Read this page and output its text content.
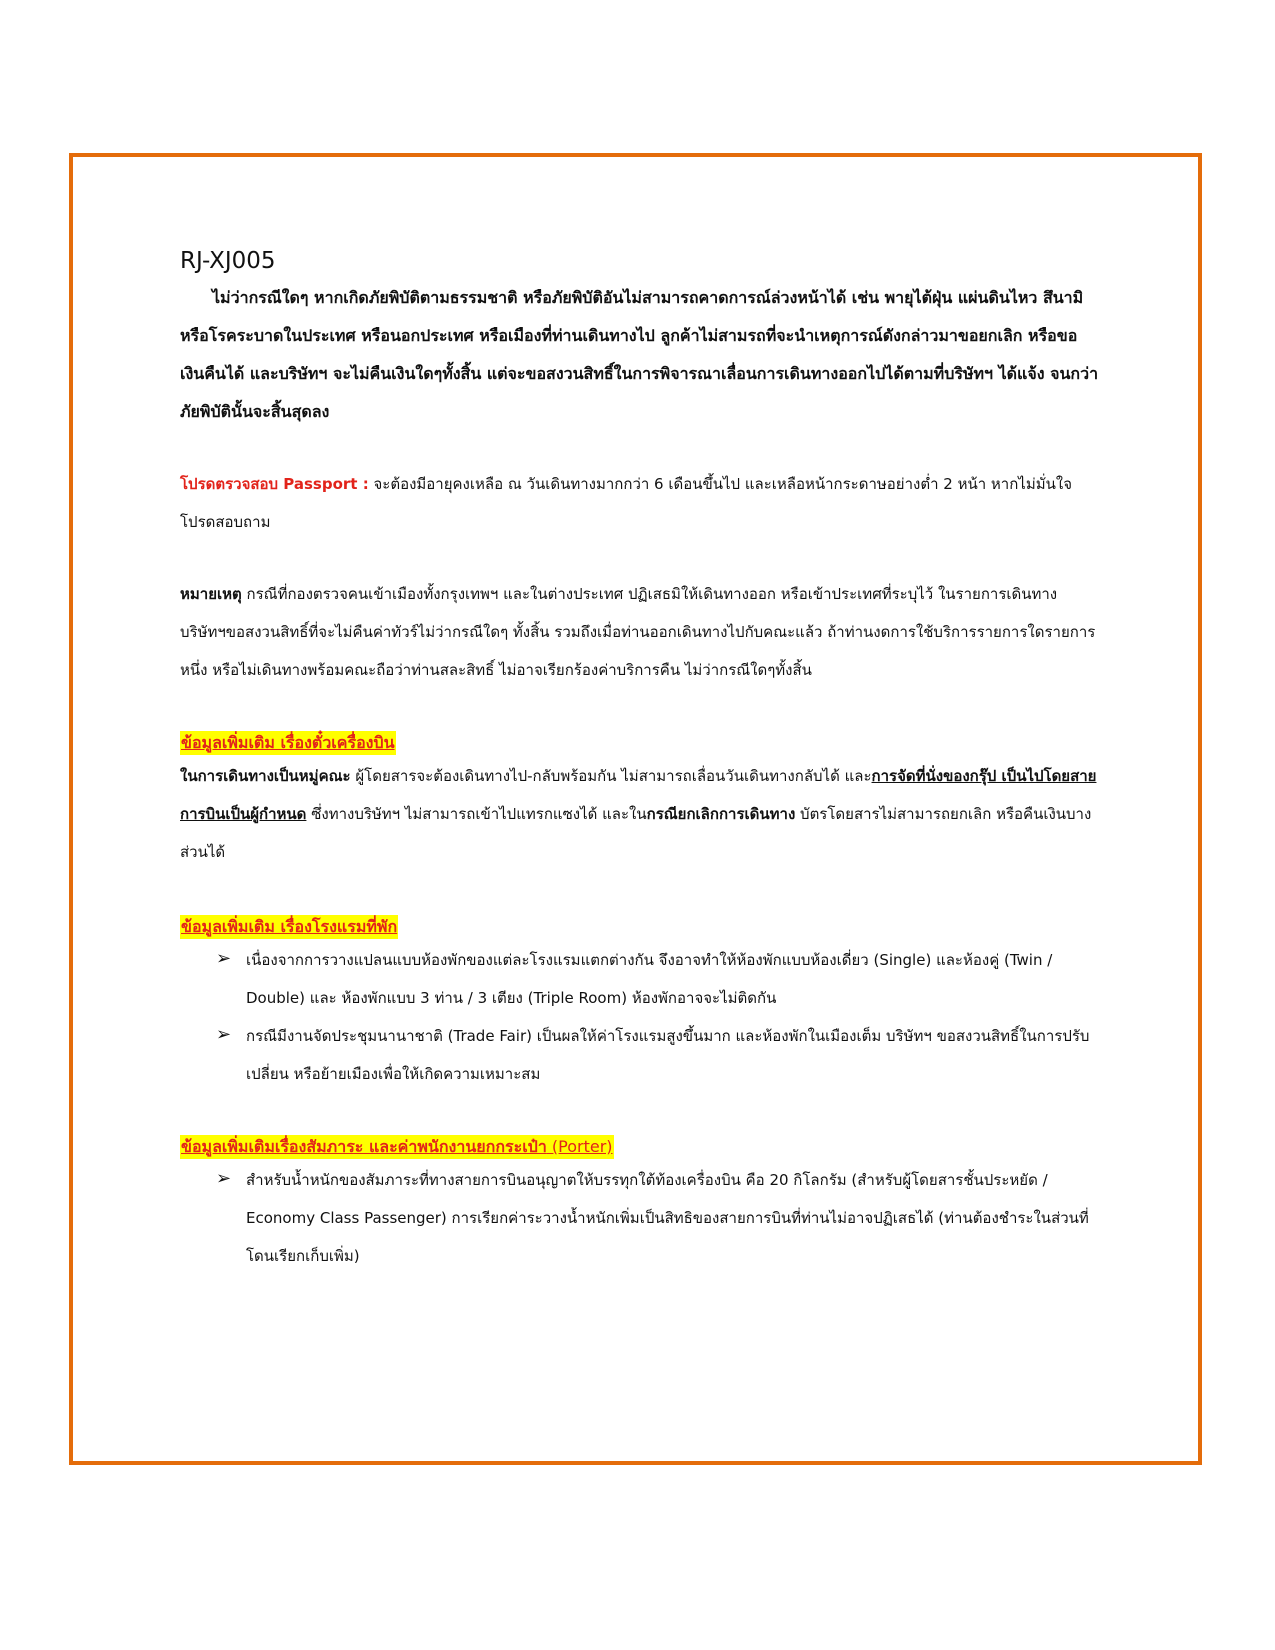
RJ-XJ005

ไม่ว่ากรณีใดๆ หากเกิดภัยพิบัติตามธรรมชาติ หรือภัยพิบัติอันไม่สามารถคาดการณ์ล่วงหน้าได้ เช่น พายุไต้ฝุ่น แผ่นดินไหว สึนามิ หรือโรคระบาดในประเทศ หรือนอกประเทศ หรือเมืองที่ท่านเดินทางไป ลูกค้าไม่สามรถที่จะนำเหตุการณ์ดังกล่าวมาขอยกเลิก หรือขอเงินคืนได้ และบริษัทฯ จะไม่คืนเงินใดๆทั้งสิ้น แต่จะขอสงวนสิทธิ์ในการพิจารณาเลื่อนการเดินทางออกไปได้ตามที่บริษัทฯ ได้แจ้ง จนกว่าภัยพิบัตินั้นจะสิ้นสุดลง

โปรดตรวจสอบ Passport : จะต้องมีอายุคงเหลือ ณ วันเดินทางมากกว่า 6 เดือนขึ้นไป และเหลือหน้ากระดาษอย่างต่ำ 2 หน้า หากไม่มั่นใจโปรดสอบถาม

หมายเหตุ กรณีที่กองตรวจคนเข้าเมืองทั้งกรุงเทพฯ และในต่างประเทศ ปฏิเสธมิให้เดินทางออก หรือเข้าประเทศที่ระบุไว้ ในรายการเดินทาง บริษัทฯขอสงวนสิทธิ์ที่จะไม่คืนค่าทัวร์ไม่ว่ากรณีใดๆ ทั้งสิ้น รวมถึงเมื่อท่านออกเดินทางไปกับคณะแล้ว ถ้าท่านงดการใช้บริการรายการใดรายการหนึ่ง หรือไม่เดินทางพร้อมคณะถือว่าท่านสละสิทธิ์ ไม่อาจเรียกร้องค่าบริการคืน ไม่ว่ากรณีใดๆทั้งสิ้น

ข้อมูลเพิ่มเติม เรื่องตั๋วเครื่องบิน

ในการเดินทางเป็นหมู่คณะ ผู้โดยสารจะต้องเดินทางไป-กลับพร้อมกัน ไม่สามารถเลื่อนวันเดินทางกลับได้ และการจัดที่นั่งของกรุ๊ป เป็นไปโดยสายการบินเป็นผู้กำหนด ซึ่งทางบริษัทฯ ไม่สามารถเข้าไปแทรกแซงได้ และในกรณียกเลิกการเดินทาง บัตรโดยสารไม่สามารถยกเลิก หรือคืนเงินบางส่วนได้

ข้อมูลเพิ่มเติม เรื่องโรงแรมที่พัก
➢ เนื่องจากการวางแปลนแบบห้องพักของแต่ละโรงแรมแตกต่างกัน จึงอาจทำให้ห้องพักแบบห้องเดี่ยว (Single) และห้องคู่ (Twin / Double) และ ห้องพักแบบ 3 ท่าน / 3 เตียง (Triple Room) ห้องพักอาจจะไม่ติดกัน
➢ กรณีมีงานจัดประชุมนานาชาติ (Trade Fair) เป็นผลให้ค่าโรงแรมสูงขึ้นมาก และห้องพักในเมืองเต็ม บริษัทฯ ขอสงวนสิทธิ์ในการปรับเปลี่ยน หรือย้ายเมืองเพื่อให้เกิดความเหมาะสม
ข้อมูลเพิ่มเติมเรื่องสัมภาระ และค่าพนักงานยกกระเป๋า (Porter)
➢ สำหรับน้ำหนักของสัมภาระที่ทางสายการบินอนุญาตให้บรรทุกใต้ท้องเครื่องบิน คือ 20 กิโลกรัม (สำหรับผู้โดยสารชั้นประหยัด / Economy Class Passenger) การเรียกค่าระวางน้ำหนักเพิ่มเป็นสิทธิของสายการบินที่ท่านไม่อาจปฏิเสธได้ (ท่านต้องชำระในส่วนที่โดนเรียกเก็บเพิ่ม)
